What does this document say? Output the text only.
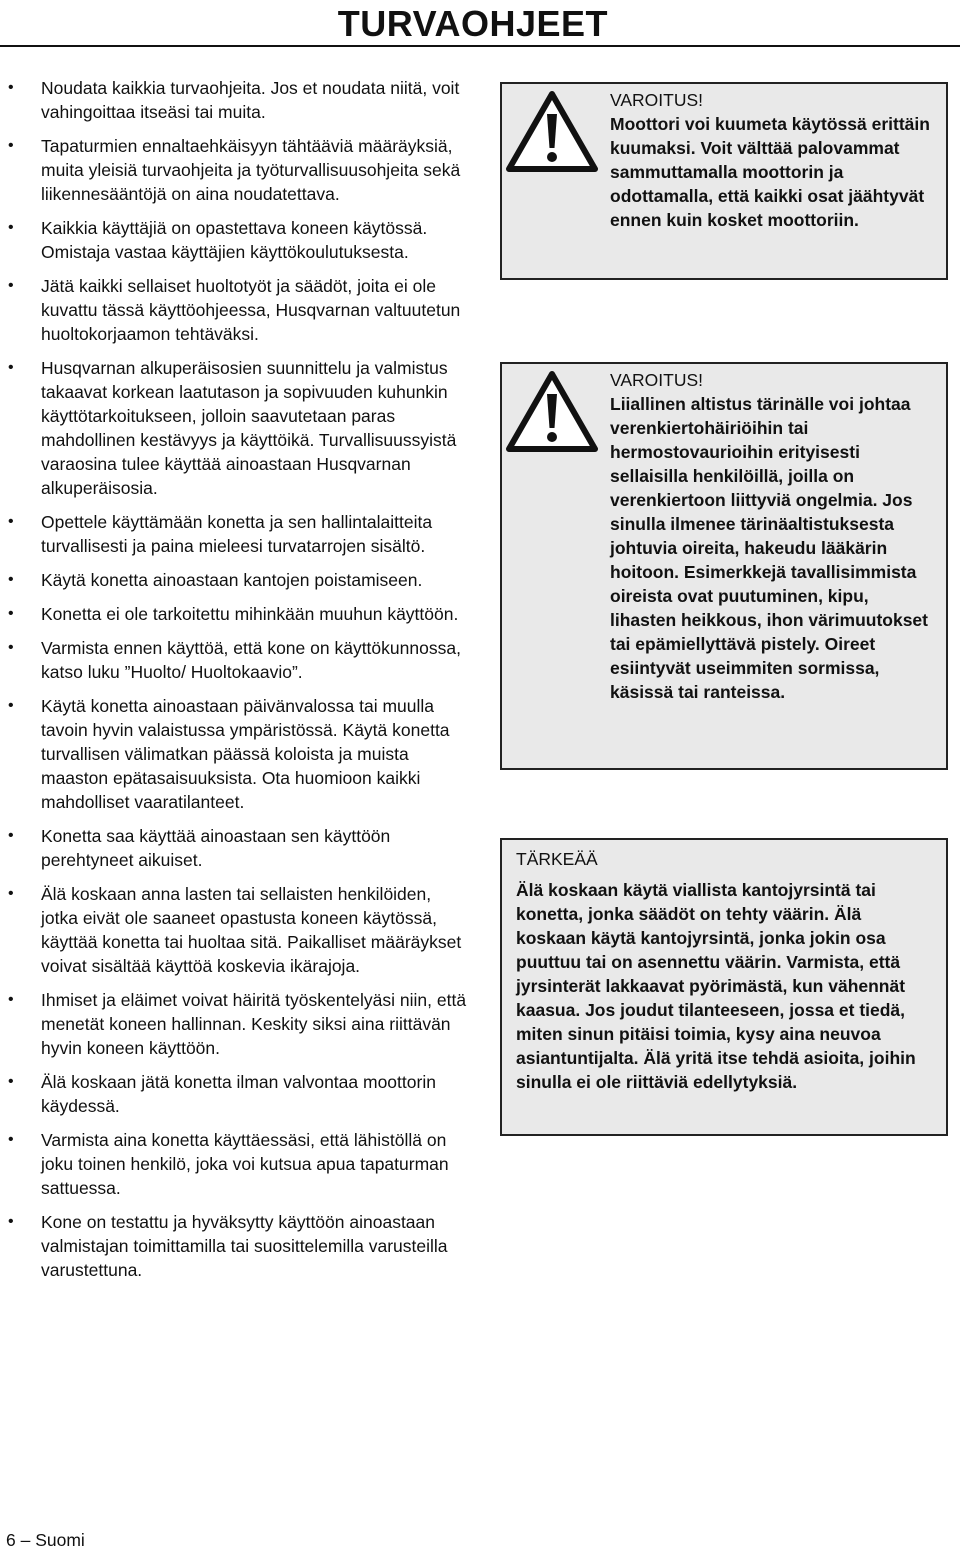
TURVAOHJEET
• Noudata kaikkia turvaohjeita. Jos et noudata niitä, voit vahingoittaa itseäsi tai muita.
• Tapaturmien ennaltaehkäisyyn tähtääviä määräyksiä, muita yleisiä turvaohjeita ja työturvallisuusohjeita sekä liikennesääntöjä on aina noudatettava.
• Kaikkia käyttäjiä on opastettava koneen käytössä. Omistaja vastaa käyttäjien käyttökoulutuksesta.
• Jätä kaikki sellaiset huoltotyöt ja säädöt, joita ei ole kuvattu tässä käyttöohjeessa, Husqvarnan valtuutetun huoltokorjaamon tehtäväksi.
• Husqvarnan alkuperäisosien suunnittelu ja valmistus takaavat korkean laatutason ja sopivuuden kuhunkin käyttötarkoitukseen, jolloin saavutetaan paras mahdollinen kestävyys ja käyttöikä. Turvallisuussyistä varaosina tulee käyttää ainoastaan Husqvarnan alkuperäisosia.
• Opettele käyttämään konetta ja sen hallintalaitteita turvallisesti ja paina mieleesi turvatarrojen sisältö.
• Käytä konetta ainoastaan kantojen poistamiseen.
• Konetta ei ole tarkoitettu mihinkään muuhun käyttöön.
• Varmista ennen käyttöä, että kone on käyttökunnossa, katso luku ”Huolto/ Huoltokaavio”.
• Käytä konetta ainoastaan päivänvalossa tai muulla tavoin hyvin valaistussa ympäristössä. Käytä konetta turvallisen välimatkan päässä koloista ja muista maaston epätasaisuuksista. Ota huomioon kaikki mahdolliset vaaratilanteet.
• Konetta saa käyttää ainoastaan sen käyttöön perehtyneet aikuiset.
• Älä koskaan anna lasten tai sellaisten henkilöiden, jotka eivät ole saaneet opastusta koneen käytössä, käyttää konetta tai huoltaa sitä. Paikalliset määräykset voivat sisältää käyttöä koskevia ikärajoja.
• Ihmiset ja eläimet voivat häiritä työskentelyäsi niin, että menetät koneen hallinnan. Keskity siksi aina riittävän hyvin koneen käyttöön.
• Älä koskaan jätä konetta ilman valvontaa moottorin käydessä.
• Varmista aina konetta käyttäessäsi, että lähistöllä on joku toinen henkilö, joka voi kutsua apua tapaturman sattuessa.
• Kone on testattu ja hyväksytty käyttöön ainoastaan valmistajan toimittamilla tai suosittelemilla varusteilla varustettuna.
VAROITUS!
Moottori voi kuumeta käytössä erittäin kuumaksi. Voit välttää palovammat sammuttamalla moottorin ja odottamalla, että kaikki osat jäähtyvät ennen kuin kosket moottoriin.
VAROITUS!
Liiallinen altistus tärinälle voi johtaa verenkiertohäiriöihin tai hermostovaurioihin erityisesti sellaisilla henkilöillä, joilla on verenkiertoon liittyviä ongelmia. Jos sinulla ilmenee tärinäaltistuksesta johtuvia oireita, hakeudu lääkärin hoitoon. Esimerkkejä tavallisimmista oireista ovat puutuminen, kipu, lihasten heikkous, ihon värimuutokset tai epämiellyttävä pistely. Oireet esiintyvät useimmiten sormissa, käsissä tai ranteissa.
TÄRKEÄÄ
Älä koskaan käytä viallista kantojyrsintä tai konetta, jonka säädöt on tehty väärin. Älä koskaan käytä kantojyrsintä, jonka jokin osa puuttuu tai on asennettu väärin. Varmista, että jyrsinterät lakkaavat pyörimästä, kun vähennät kaasua. Jos joudut tilanteeseen, jossa et tiedä, miten sinun pitäisi toimia, kysy aina neuvoa asiantuntijalta. Älä yritä itse tehdä asioita, joihin sinulla ei ole riittäviä edellytyksiä.
6 – Suomi
